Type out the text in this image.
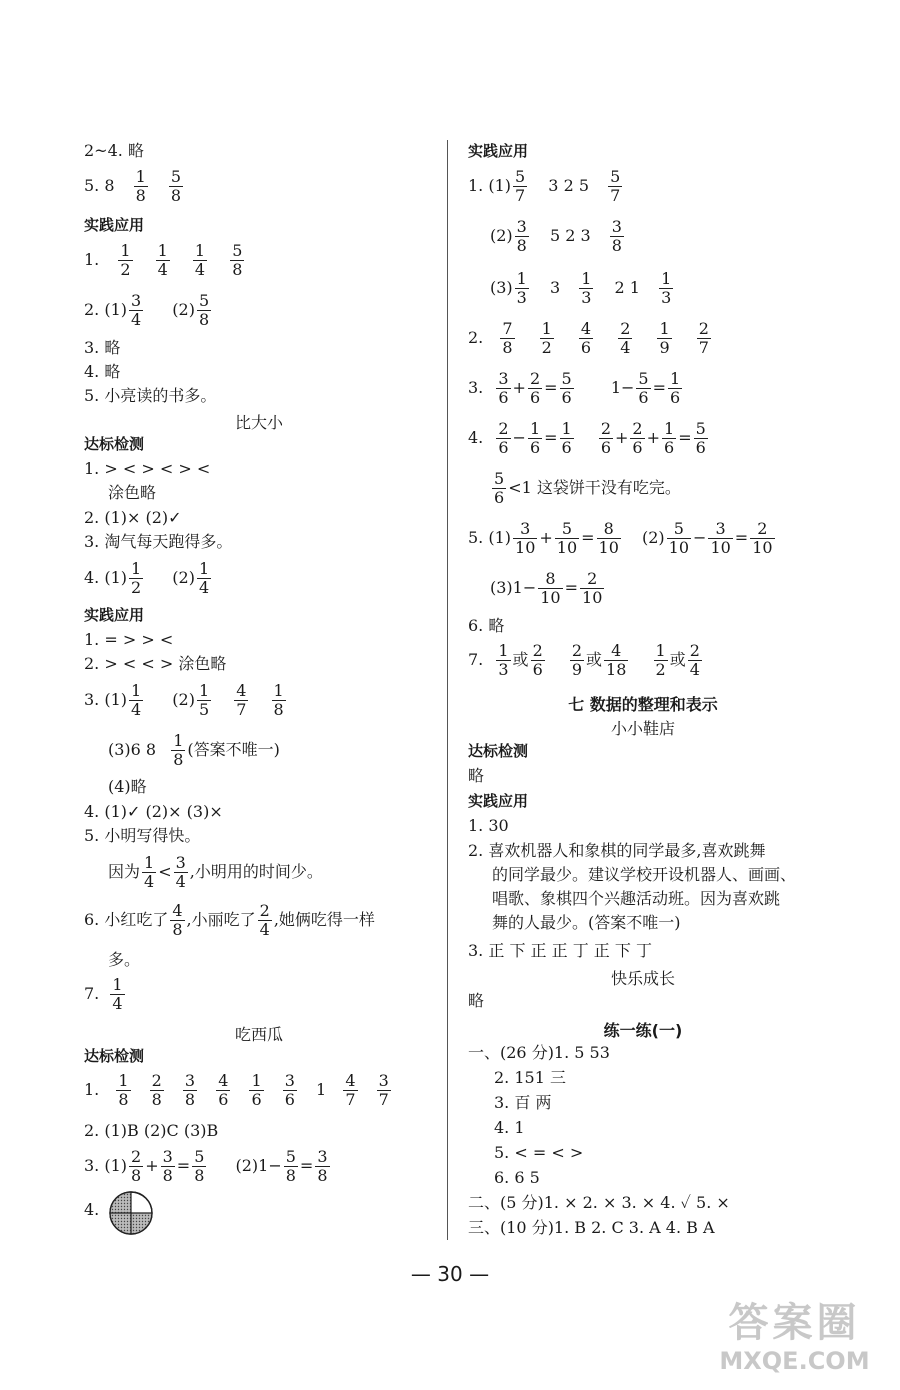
2~4. 略
5. $8 \frac{1}{8}$
$\frac{5}{8}$
实践应用
1. $\frac{1}{2}$
$\frac{1}{4}$
$\frac{1}{4}$
$\frac{5}{8}$
2. $(1) \frac{3}{4} (2) \frac{5}{8}$
3. 略
4. 略
5. 小亮读的书多。
比大小
达标检测
1. > < > < > <
涂色略
2. (1)× (2)✓
3. 淘气每天跑得多。
4. $(1) \frac{1}{2} (2) \frac{1}{4}$
实践应用
1. = > > <
2. > < < > 涂色略
3. $(1) \frac{1}{4} (2) \frac{1}{5}$
$\frac{4}{7}$
$\frac{1}{8}$
(3)6 $8 \frac{1}{8}$ (答案不唯一)
(4)略
4. (1)✓ (2)× (3)×
5. 小明写得快。
因为 $\frac{1}{4} < \frac{3}{4}$ ,小明用的时间少。
6. 小红吃了 $\frac{4}{8}$ ,小丽吃了 $\frac{2}{4}$ ,她俩吃得一样
多。
7. $\frac{1}{4}$
吃西瓜
达标检测
1. $\frac{1}{8}$
$\frac{2}{8}$
$\frac{3}{8}$
$\frac{4}{6}$
$\frac{1}{6}$
$\frac{3}{6} 1 \frac{4}{7}$
$\frac{3}{7}$
2. (1)B (2)C (3)B
3. $(1) \frac{2}{8} + \frac{3}{8} = \frac{5}{8} (2)1- \frac{5}{8} = \frac{3}{8}$
4.
实践应用
1. $(1) \frac{5}{7} 3$ 2 $5 \frac{5}{7}$
$(2) \frac{3}{8} 5$ 2 $3 \frac{3}{8}$
$(3) \frac{1}{3} 3 \frac{1}{3} 2$ $1 \frac{1}{3}$
2. $\frac{7}{8}$
$\frac{1}{2}$
$\frac{4}{6}$
$\frac{2}{4}$
$\frac{1}{9}$
$\frac{2}{7}$
3. $\frac{3}{6} + \frac{2}{6} = \frac{5}{6} 1- \frac{5}{6} = \frac{1}{6}$
4. $\frac{2}{6} - \frac{1}{6} = \frac{1}{6}$
$\frac{2}{6} + \frac{2}{6} + \frac{1}{6} = \frac{5}{6}$
$\frac{5}{6} <1$ 这袋饼干没有吃完。
5. $(1) \frac{3}{10} + \frac{5}{10} = \frac{8}{10} (2) \frac{5}{10} - \frac{3}{10} = \frac{2}{10}$
$(3)1- \frac{8}{10} = \frac{2}{10}$
6. 略
7. $\frac{1}{3}$ 或 $\frac{2}{6}$
$\frac{2}{9}$ 或 $\frac{4}{18}$
$\frac{1}{2}$ 或 $\frac{2}{4}$
七 数据的整理和表示
小小鞋店
达标检测
略
实践应用
1. 30
2. 喜欢机器人和象棋的同学最多,喜欢跳舞
的同学最少。建议学校开设机器人、画画、
唱歌、象棋四个兴趣活动班。因为喜欢跳
舞的人最少。(答案不唯一)
3. 正 下 正 正 丁 正 下 丁
快乐成长
略
练一练(一)
一、(26 分)1. 5 53
2. 151 三
3. 百 两
4. 1
5. < = < >
6. 6 5
二、(5 分)1. × 2. × 3. × 4. ✓ 5. ×
三、(10 分)1. B 2. C 3. A 4. B A
— 30 —
答案圈
MXQE.COM
